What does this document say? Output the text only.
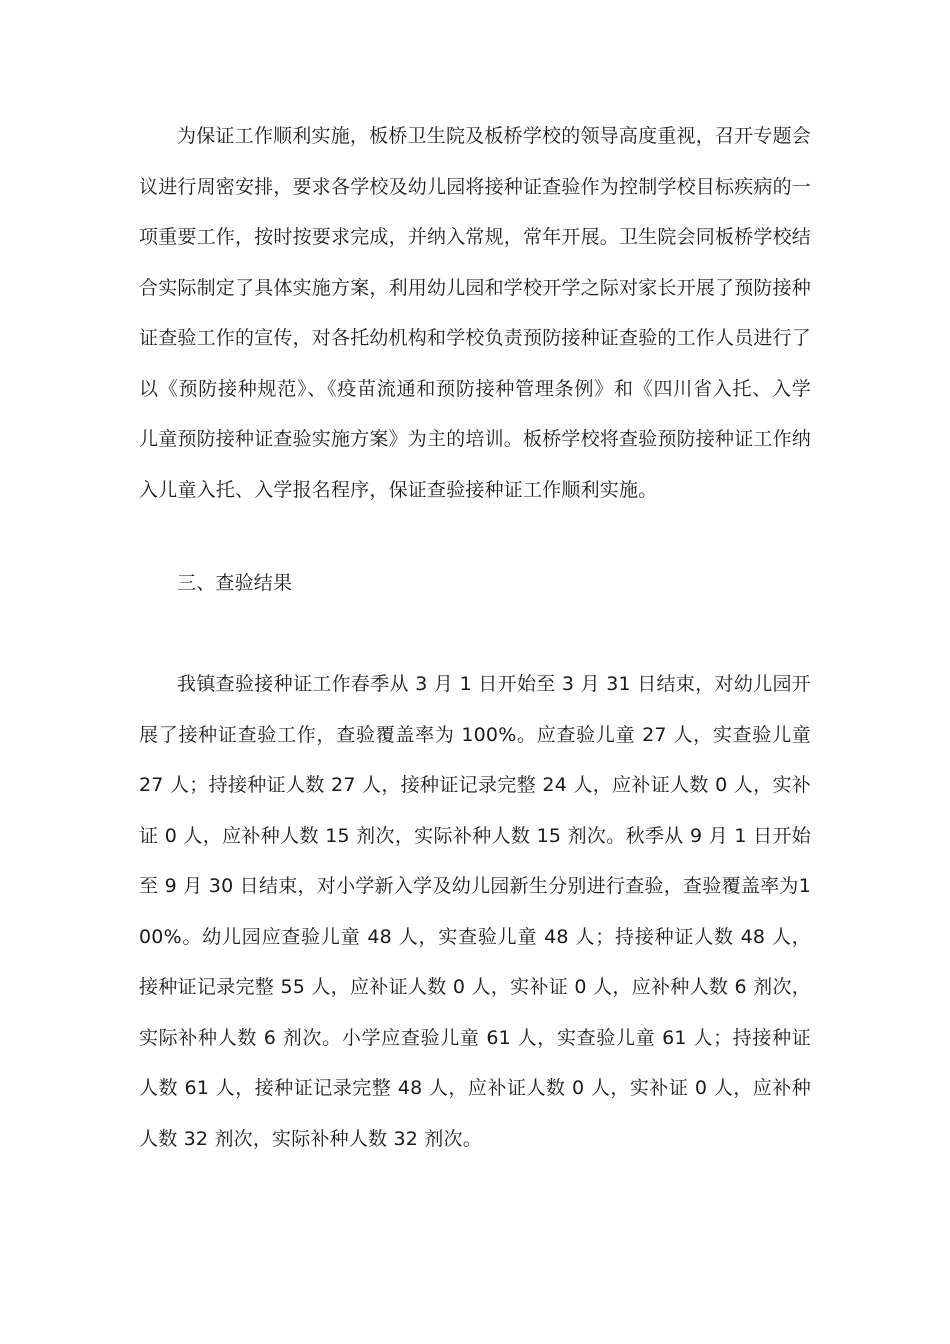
为保证工作顺利实施，板桥卫生院及板桥学校的领导高度重视，召开专题会议进行周密安排，要求各学校及幼儿园将接种证查验作为控制学校目标疾病的一项重要工作，按时按要求完成，并纳入常规，常年开展。卫生院会同板桥学校结合实际制定了具体实施方案，利用幼儿园和学校开学之际对家长开展了预防接种证查验工作的宣传，对各托幼机构和学校负责预防接种证查验的工作人员进行了以《预防接种规范》、《疫苗流通和预防接种管理条例》和《四川省入托、入学儿童预防接种证查验实施方案》为主的培训。板桥学校将查验预防接种证工作纳入儿童入托、入学报名程序，保证查验接种证工作顺利实施。

三、查验结果

我镇查验接种证工作春季从 3 月 1 日开始至 3 月 31 日结束，对幼儿园开展了接种证查验工作，查验覆盖率为 100%。应查验儿童 27 人，实查验儿童 27 人；持接种证人数 27 人，接种证记录完整 24 人，应补证人数 0 人，实补证 0 人，应补种人数 15 剂次，实际补种人数 15 剂次。秋季从 9 月 1 日开始至 9 月 30 日结束，对小学新入学及幼儿园新生分别进行查验，查验覆盖率为100%。幼儿园应查验儿童 48 人，实查验儿童 48 人；持接种证人数 48 人，接种证记录完整 55 人，应补证人数 0 人，实补证 0 人，应补种人数 6 剂次，实际补种人数 6 剂次。小学应查验儿童 61 人，实查验儿童 61 人；持接种证人数 61 人，接种证记录完整 48 人，应补证人数 0 人，实补证 0 人，应补种人数 32 剂次，实际补种人数 32 剂次。
